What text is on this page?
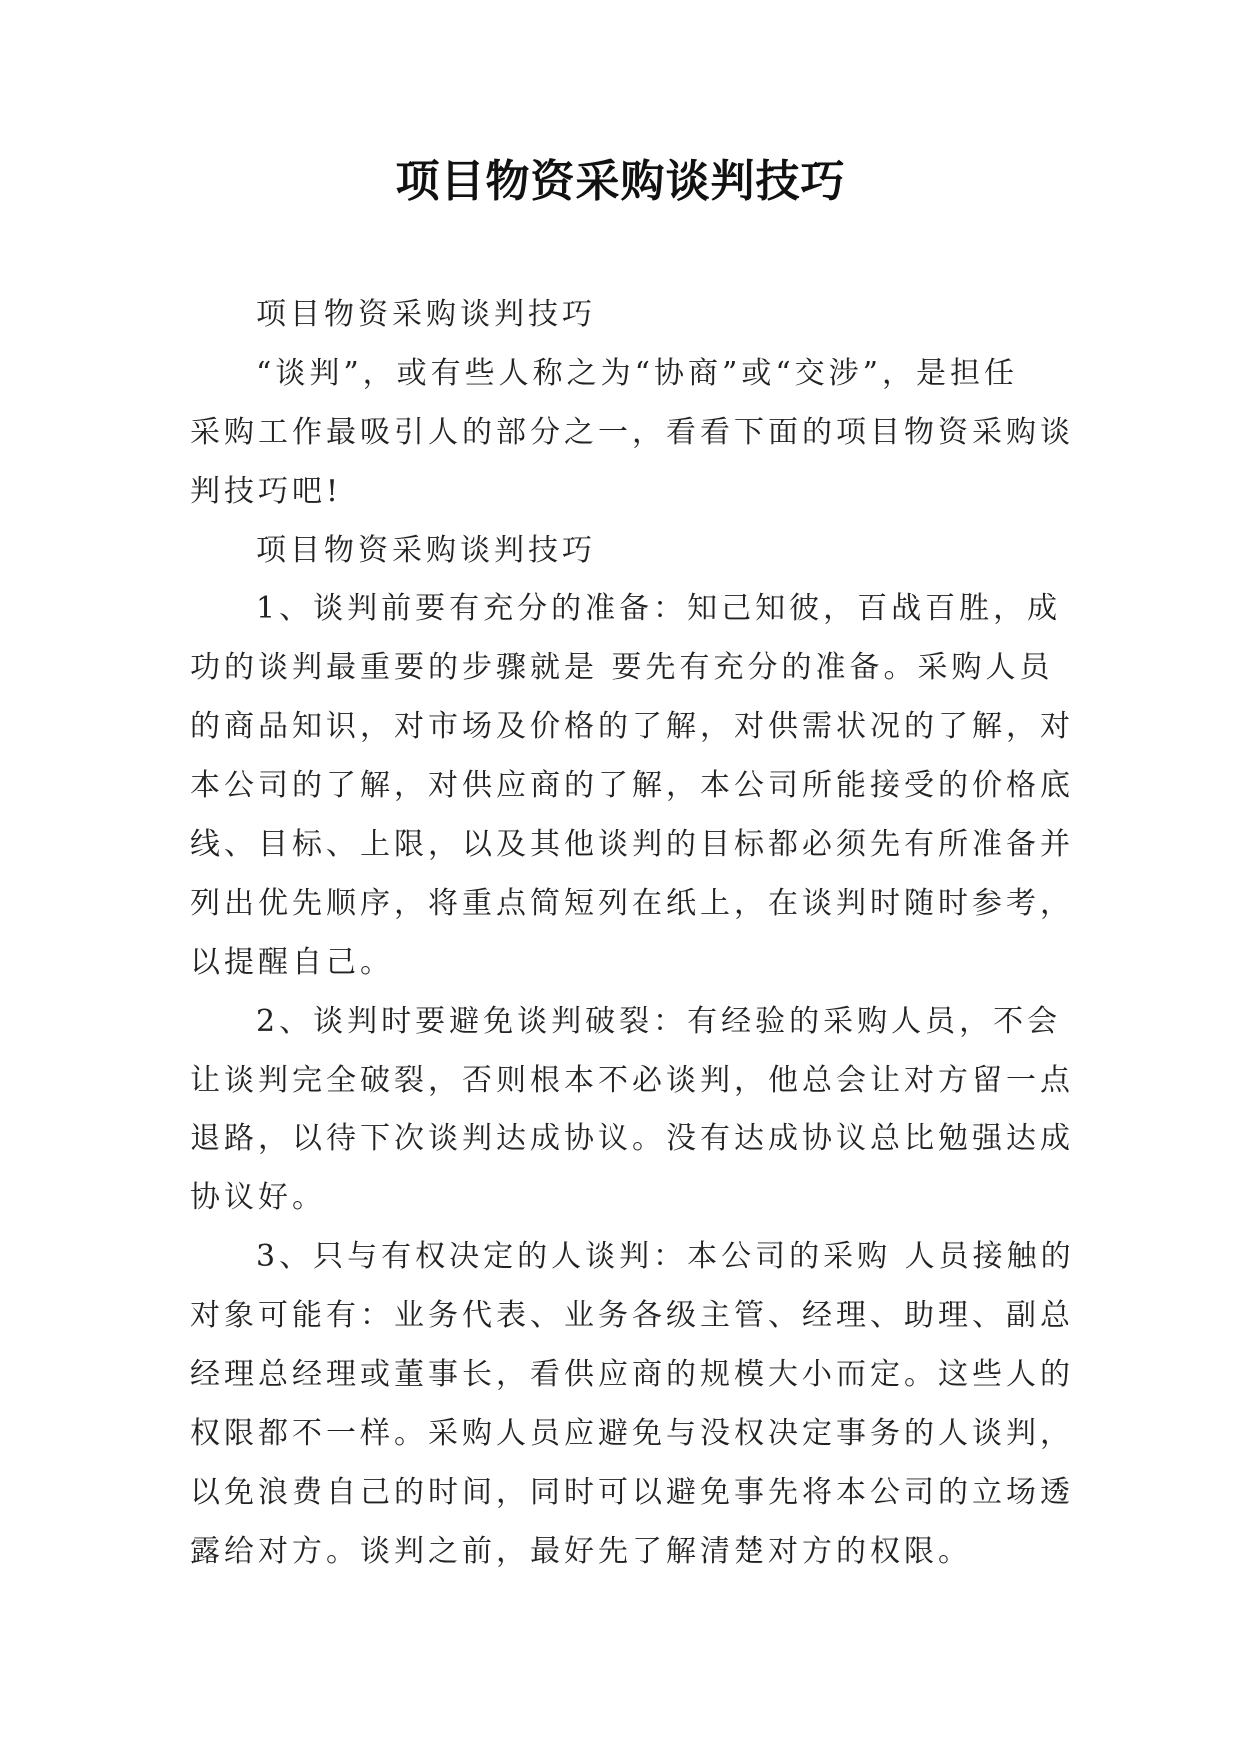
项目物资采购谈判技巧
项目物资采购谈判技巧
“谈判”，或有些人称之为“协商”或“交涉”，是担任
采购工作最吸引人的部分之一，看看下面的项目物资采购谈
判技巧吧!
项目物资采购谈判技巧
1、谈判前要有充分的准备：知己知彼，百战百胜，成
功的谈判最重要的步骤就是 要先有充分的准备。采购人员
的商品知识，对市场及价格的了解，对供需状况的了解，对
本公司的了解，对供应商的了解，本公司所能接受的价格底
线、目标、上限，以及其他谈判的目标都必须先有所准备并
列出优先顺序，将重点简短列在纸上，在谈判时随时参考，
以提醒自己。
2、谈判时要避免谈判破裂：有经验的采购人员，不会
让谈判完全破裂，否则根本不必谈判，他总会让对方留一点
退路，以待下次谈判达成协议。没有达成协议总比勉强达成
协议好。
3、只与有权决定的人谈判：本公司的采购 人员接触的
对象可能有：业务代表、业务各级主管、经理、助理、副总
经理总经理或董事长，看供应商的规模大小而定。这些人的
权限都不一样。采购人员应避免与没权决定事务的人谈判，
以免浪费自己的时间，同时可以避免事先将本公司的立场透
露给对方。谈判之前，最好先了解清楚对方的权限。
